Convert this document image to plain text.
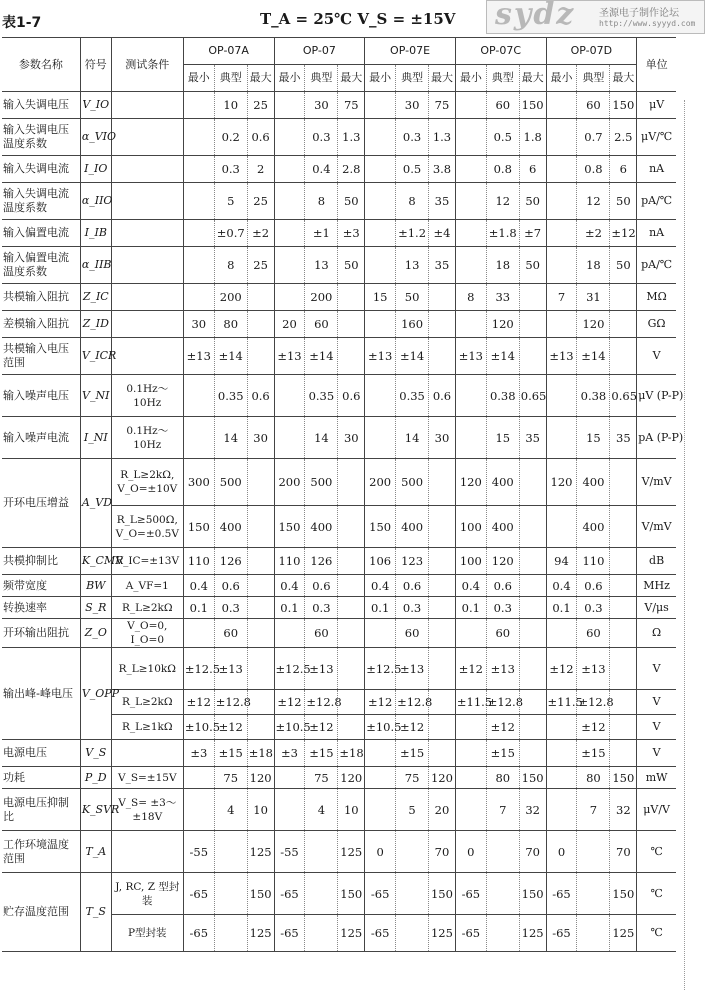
表1-7	T_A = 25℃ V_S = ±15V sydz 圣源电子制作论坛
http://www.syyyd.com
参数名称	符号	测试条件	OP-07A			OP-07			OP-07E			OP-07C			OP-07D			单位
			最小	典型	最大	最小	典型	最大	最小	典型	最大	最小	典型	最大	最小	典型	最大	
输入失调电压	V_IO			10	25		30	75		30	75		60	150		60	150	μV
输入失调电压温度系数	α_VIO			0.2	0.6		0.3	1.3		0.3	1.3		0.5	1.8		0.7	2.5	μV/℃
输入失调电流	I_IO			0.3	2		0.4	2.8		0.5	3.8		0.8	6		0.8	6	nA
输入失调电流温度系数	α_IIO			5	25		8	50		8	35		12	50		12	50	pA/℃
输入偏置电流	I_IB			±0.7	±2		±1	±3		±1.2	±4		±1.8	±7		±2	±12	nA
输入偏置电流温度系数	α_IIB			8	25		13	50		13	35		18	50		18	50	pA/℃
共模输入阻抗	Z_IC			200			200		15	50		8	33		7	31		MΩ
差模输入阻抗	Z_ID		30	80		20	60			160			120			120		GΩ
共模输入电压范围	V_ICR		±13	±14		±13	±14		±13	±14		±13	±14		±13	±14		V
输入噪声电压	V_NI	0.1Hz～10Hz		0.35	0.6		0.35	0.6		0.35	0.6		0.38	0.65		0.38	0.65	μV (P-P)
输入噪声电流	I_NI	0.1Hz～10Hz		14	30		14	30		14	30		15	35		15	35	pA (P-P)
开环电压增益	A_VD	R_L≥2kΩ, V_O=±10V	300	500		200	500		200	500		120	400		120	400		V/mV
		R_L≥500Ω, V_O=±0.5V	150	400		150	400		150	400		100	400			400		V/mV
共模抑制比	K_CMR	V_IC=±13V	110	126		110	126		106	123		100	120		94	110		dB
频带宽度	BW	A_VF=1	0.4	0.6		0.4	0.6		0.4	0.6		0.4	0.6		0.4	0.6		MHz
转换速率	S_R	R_L≥2kΩ	0.1	0.3		0.1	0.3		0.1	0.3		0.1	0.3		0.1	0.3		V/μs
开环输出阻抗	Z_O	V_O=0, I_O=0		60			60			60			60			60		Ω
输出峰-峰电压	V_OPP	R_L≥10kΩ	±12.5	±13		±12.5	±13		±12.5	±13		±12	±13		±12	±13		V
		R_L≥2kΩ	±12	±12.8		±12	±12.8		±12	±12.8		±11.5	±12.8		±11.5	±12.8		V
		R_L≥1kΩ	±10.5	±12		±10.5	±12		±10.5	±12			±12			±12		V
电源电压	V_S		±3	±15	±18	±3	±15	±18		±15			±15			±15		V
功耗	P_D	V_S=±15V		75	120		75	120		75	120		80	150		80	150	mW
电源电压抑制比	K_SVR	V_S= ±3～±18V		4	10		4	10		5	20		7	32		7	32	μV/V
工作环境温度范围	T_A		-55		125	-55		125	0		70	0		70	0		70	℃
贮存温度范围	T_S	J, RC, Z 型封装	-65		150	-65		150	-65		150	-65		150	-65		150	℃
		P型封装	-65		125	-65		125	-65		125	-65		125	-65		125	℃
